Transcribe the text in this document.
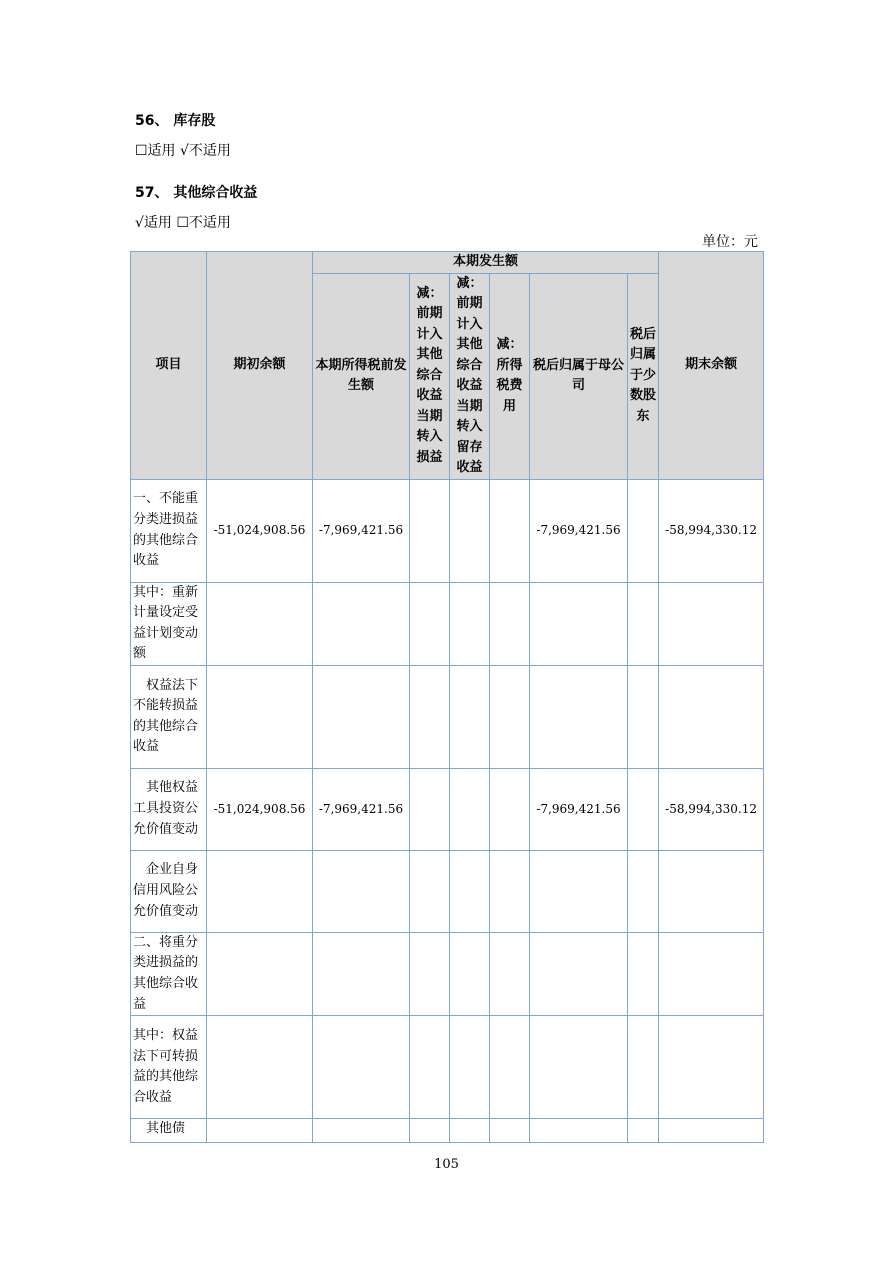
56、 库存股
☐适用 √不适用
57、 其他综合收益
√适用 ☐不适用
单位：元
项目	期初余额	本期发生额						期末余额
		本期所得税前发生额	减：前期计入其他综合收益当期转入损益	减：前期计入其他综合收益当期转入留存收益	减：所得税费用	税后归属于母公司	税后归属于少数股东	
一、不能重分类进损益的其他综合收益	-51,024,908.56	-7,969,421.56				-7,969,421.56		-58,994,330.12
其中：重新计量设定受益计划变动额								
　权益法下不能转损益的其他综合收益								
　其他权益工具投资公允价值变动	-51,024,908.56	-7,969,421.56				-7,969,421.56		-58,994,330.12
　企业自身信用风险公允价值变动								
二、将重分类进损益的其他综合收益								
其中：权益法下可转损益的其他综合收益								
　其他债								
105
